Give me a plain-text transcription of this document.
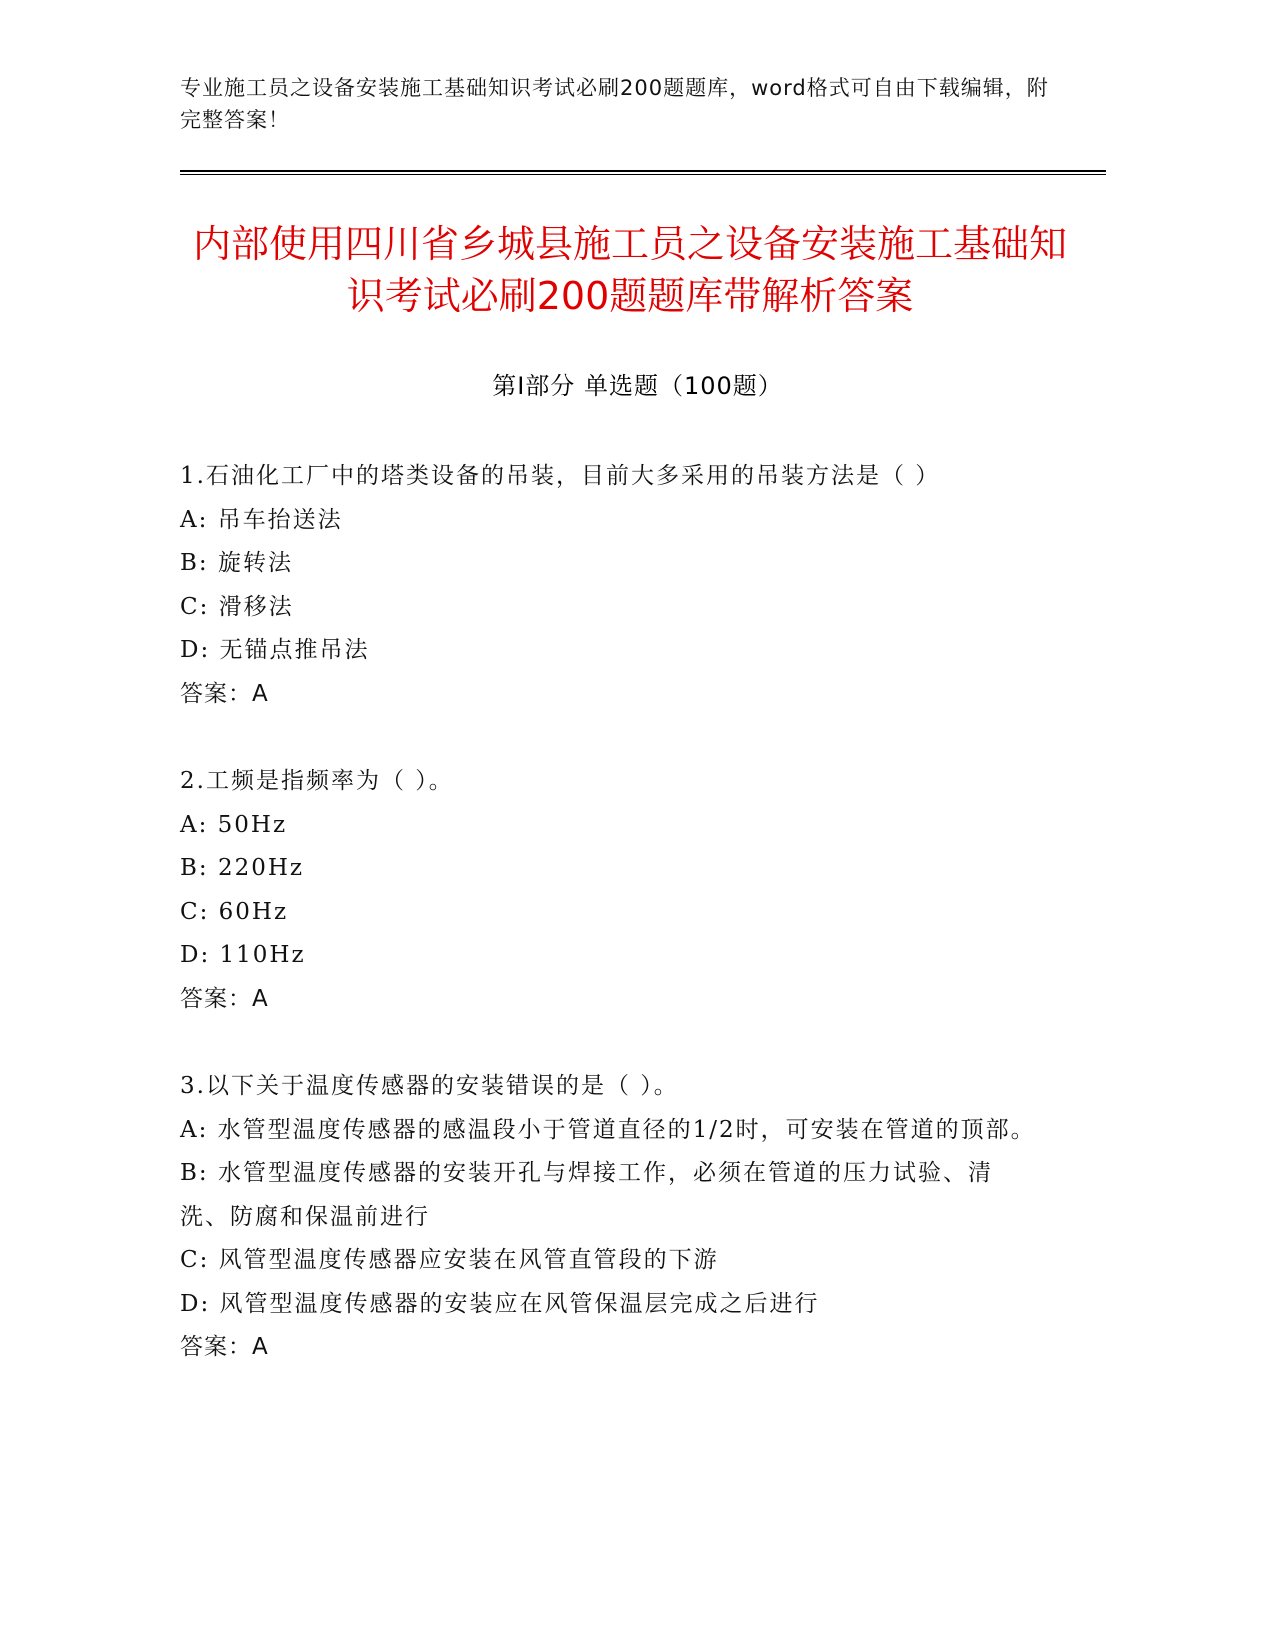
专业施工员之设备安装施工基础知识考试必刷200题题库，word格式可自由下载编辑，附完整答案！
内部使用四川省乡城县施工员之设备安装施工基础知识考试必刷200题题库带解析答案
第Ⅰ部分 单选题（100题）
1.石油化工厂中的塔类设备的吊装，目前大多采用的吊装方法是（ ）
A: 吊车抬送法
B: 旋转法
C: 滑移法
D: 无锚点推吊法
答案：A
2.工频是指频率为（ ）。
A: 50Hz
B: 220Hz
C: 60Hz
D: 110Hz
答案：A
3.以下关于温度传感器的安装错误的是（ ）。
A: 水管型温度传感器的感温段小于管道直径的1/2时，可安装在管道的顶部。
B: 水管型温度传感器的安装开孔与焊接工作，必须在管道的压力试验、清洗、防腐和保温前进行
C: 风管型温度传感器应安装在风管直管段的下游
D: 风管型温度传感器的安装应在风管保温层完成之后进行
答案：A
